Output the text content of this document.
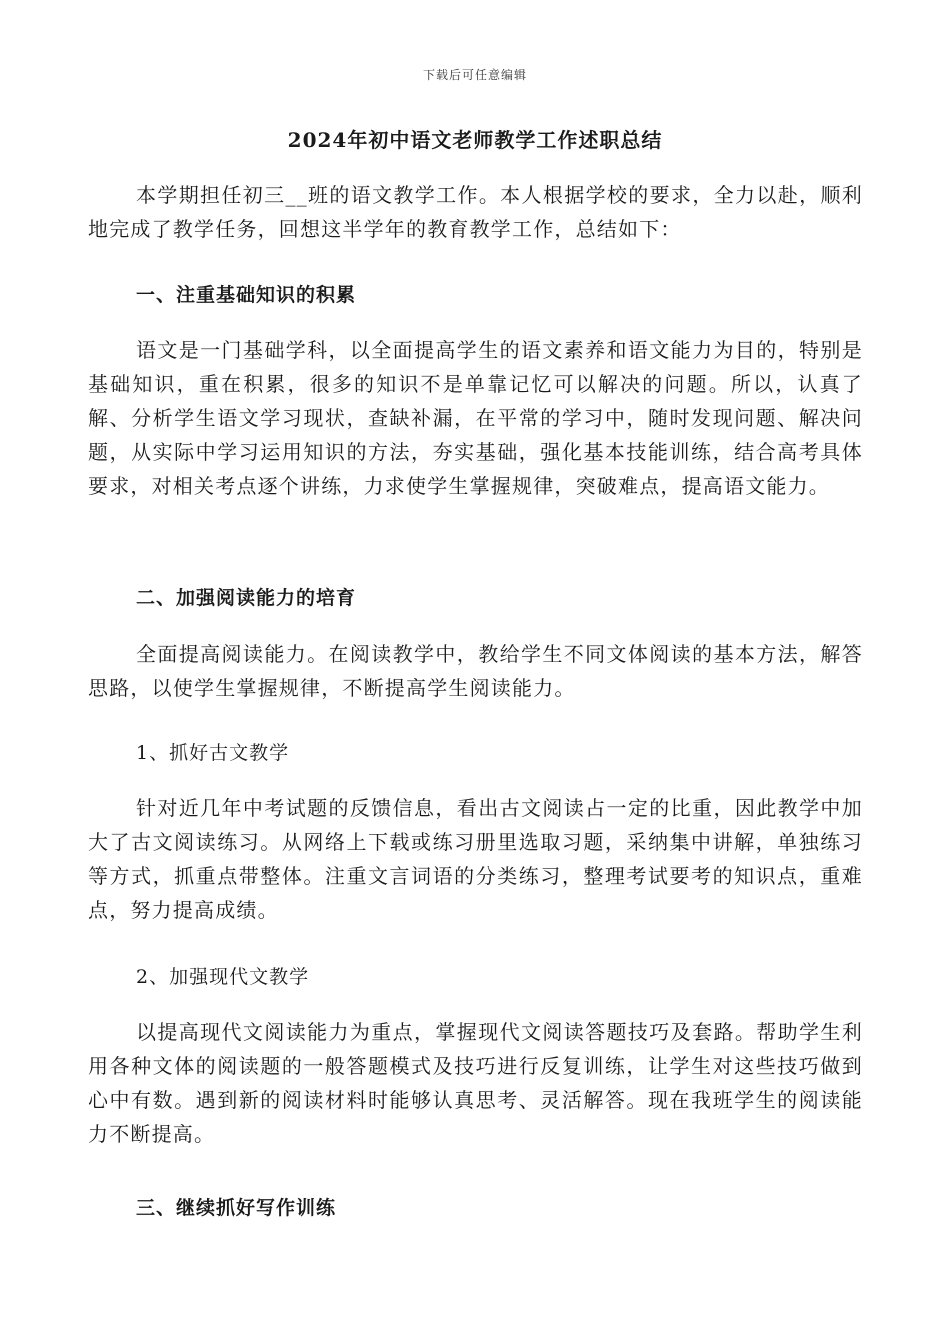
下载后可任意编辑
2024年初中语文老师教学工作述职总结
本学期担任初三__班的语文教学工作。本人根据学校的要求，全力以赴，顺利地完成了教学任务，回想这半学年的教育教学工作，总结如下：
一、注重基础知识的积累
语文是一门基础学科，以全面提高学生的语文素养和语文能力为目的，特别是基础知识，重在积累，很多的知识不是单靠记忆可以解决的问题。所以，认真了解、分析学生语文学习现状，查缺补漏，在平常的学习中，随时发现问题、解决问题，从实际中学习运用知识的方法，夯实基础，强化基本技能训练，结合高考具体要求，对相关考点逐个讲练，力求使学生掌握规律，突破难点，提高语文能力。
二、加强阅读能力的培育
全面提高阅读能力。在阅读教学中，教给学生不同文体阅读的基本方法，解答思路，以使学生掌握规律，不断提高学生阅读能力。
1、抓好古文教学
针对近几年中考试题的反馈信息，看出古文阅读占一定的比重，因此教学中加大了古文阅读练习。从网络上下载或练习册里选取习题，采纳集中讲解，单独练习等方式，抓重点带整体。注重文言词语的分类练习，整理考试要考的知识点，重难点，努力提高成绩。
2、加强现代文教学
以提高现代文阅读能力为重点，掌握现代文阅读答题技巧及套路。帮助学生利用各种文体的阅读题的一般答题模式及技巧进行反复训练，让学生对这些技巧做到心中有数。遇到新的阅读材料时能够认真思考、灵活解答。现在我班学生的阅读能力不断提高。
三、继续抓好写作训练
